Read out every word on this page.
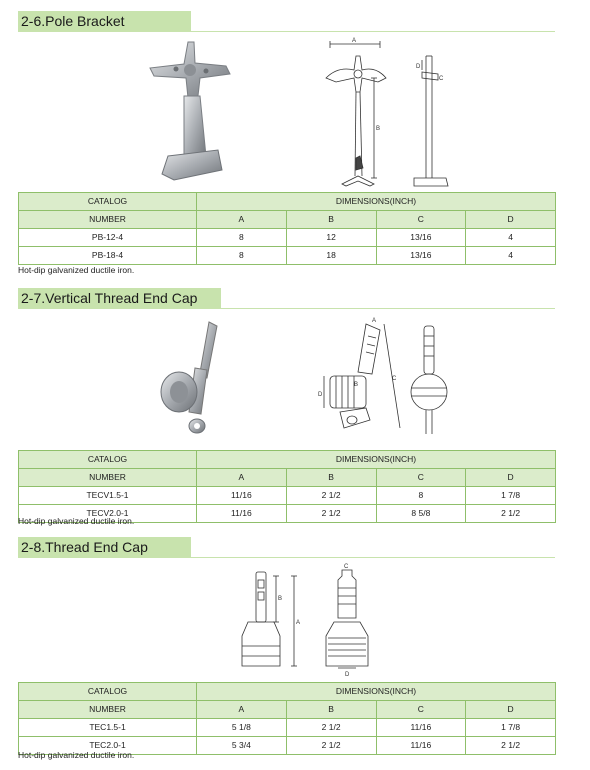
2-6.Pole Bracket
A
B
C
D
CATALOG	DIMENSIONS(INCH)			
NUMBER	A	B	C	D
PB-12-4	8	12	13/16	4
PB-18-4	8	18	13/16	4
Hot-dip galvanized ductile iron.
2-7.Vertical Thread End Cap
A
B
C
D
CATALOG	DIMENSIONS(INCH)			
NUMBER	A	B	C	D
TECV1.5-1	11/16	2 1/2	8	1 7/8
TECV2.0-1	11/16	2 1/2	8 5/8	2 1/2
Hot-dip galvanized ductile iron.
2-8.Thread End Cap
A
B
C
D
CATALOG	DIMENSIONS(INCH)			
NUMBER	A	B	C	D
TEC1.5-1	5 1/8	2 1/2	11/16	1 7/8
TEC2.0-1	5 3/4	2 1/2	11/16	2 1/2
Hot-dip galvanized ductile iron.
